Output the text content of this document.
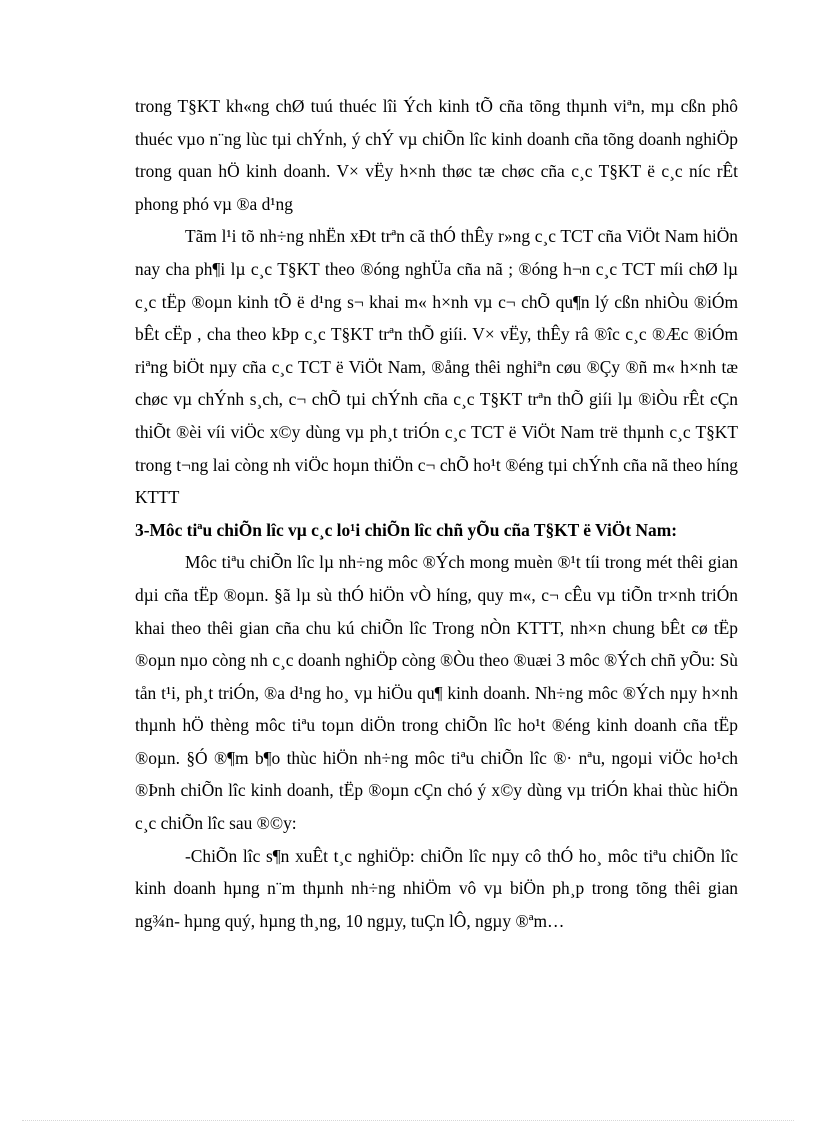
trong T§KT kh«ng chØ tuú thuéc lîi Ých kinh tÕ cña tõng thµnh viªn, mµ cßn phô thuéc vµo n¨ng lùc tµi chÝnh, ý chÝ vµ chiÕn lîc kinh doanh cña tõng doanh nghiÖp trong quan hÖ kinh doanh. V× vËy h×nh thøc tæ chøc cña c¸c T§KT ë c¸c níc rÊt phong phó vµ ®a d¹ng

Tãm l¹i tõ nh÷ng nhËn xÐt trªn cã thÓ thÊy r»ng c¸c TCT cña ViÖt Nam hiÖn nay cha ph¶i lµ c¸c T§KT theo ®óng nghÜa cña nã ; ®óng h¬n c¸c TCT míi chØ lµ c¸c tËp ®oµn kinh tÕ ë d¹ng s¬ khai m« h×nh vµ c¬ chÕ qu¶n lý cßn nhiÒu ®iÓm bÊt cËp , cha theo kÞp c¸c T§KT trªn thÕ giíi. V× vËy, thÊy râ ®îc c¸c ®Æc ®iÓm riªng biÖt nµy cña c¸c TCT ë ViÖt Nam, ®ång thêi nghiªn cøu ®Çy ®ñ m« h×nh tæ chøc vµ chÝnh s¸ch, c¬ chÕ tµi chÝnh cña c¸c T§KT trªn thÕ giíi lµ ®iÒu rÊt cÇn thiÕt ®èi víi viÖc x©y dùng vµ ph¸t triÓn c¸c TCT ë ViÖt Nam trë thµnh c¸c T§KT trong t¬ng lai còng nh viÖc hoµn thiÖn c¬ chÕ ho¹t ®éng tµi chÝnh cña nã theo híng KTTT

3-Môc tiªu chiÕn lîc vµ c¸c lo¹i chiÕn lîc chñ yÕu cña T§KT ë ViÖt Nam:

Môc tiªu chiÕn lîc lµ nh÷ng môc ®Ých mong muèn ®¹t tíi trong mét thêi gian dµi cña tËp ®oµn. §ã lµ sù thÓ hiÖn vÒ híng, quy m«, c¬ cÊu vµ tiÕn tr×nh triÓn khai theo thêi gian cña chu kú chiÕn lîc Trong nÒn KTTT, nh×n chung bÊt cø tËp ®oµn nµo còng nh c¸c doanh nghiÖp còng ®Òu theo ®uæi 3 môc ®Ých chñ yÕu: Sù tån t¹i, ph¸t triÓn, ®a d¹ng ho¸ vµ hiÖu qu¶ kinh doanh. Nh÷ng môc ®Ých nµy h×nh thµnh hÖ thèng môc tiªu toµn diÖn trong chiÕn lîc ho¹t ®éng kinh doanh cña tËp ®oµn. §Ó ®¶m b¶o thùc hiÖn nh÷ng môc tiªu chiÕn lîc ®· nªu, ngoµi viÖc ho¹ch ®Þnh chiÕn lîc kinh doanh, tËp ®oµn cÇn chó ý x©y dùng vµ triÓn khai thùc hiÖn c¸c chiÕn lîc sau ®©y:

-ChiÕn lîc s¶n xuÊt t¸c nghiÖp: chiÕn lîc nµy cô thÓ ho¸ môc tiªu chiÕn lîc kinh doanh hµng n¨m thµnh nh÷ng nhiÖm vô vµ biÖn ph¸p trong tõng thêi gian ng¾n- hµng quý, hµng th¸ng, 10 ngµy, tuÇn lÔ, ngµy ®ªm…
